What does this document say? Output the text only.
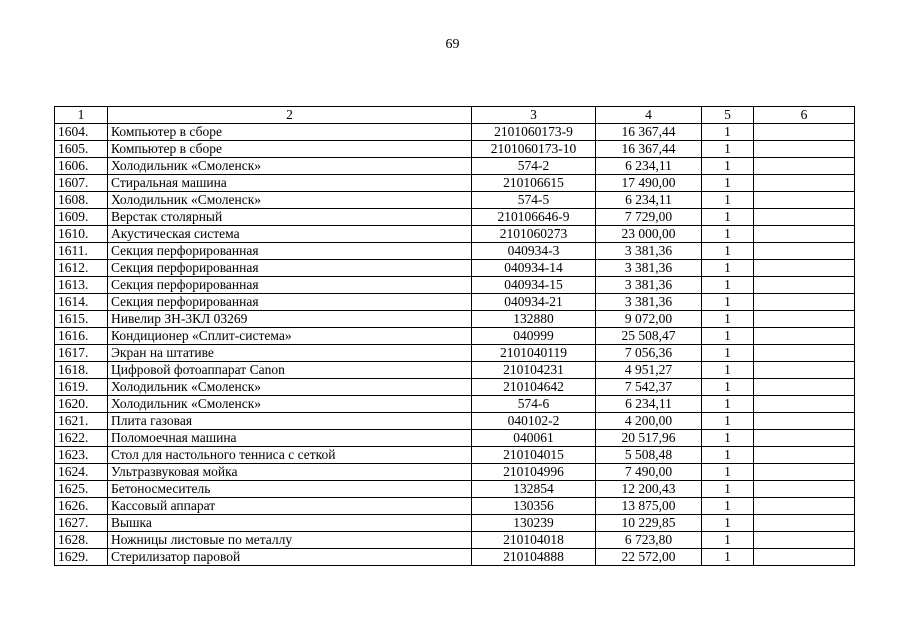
69
1	2	3	4	5	6
1604.	Компьютер в сборе	2101060173-9	16 367,44	1	
1605.	Компьютер в сборе	2101060173-10	16 367,44	1	
1606.	Холодильник «Смоленск»	574-2	6 234,11	1	
1607.	Стиральная машина	210106615	17 490,00	1	
1608.	Холодильник «Смоленск»	574-5	6 234,11	1	
1609.	Верстак столярный	210106646-9	7 729,00	1	
1610.	Акустическая система	2101060273	23 000,00	1	
1611.	Секция перфорированная	040934-3	3 381,36	1	
1612.	Секция перфорированная	040934-14	3 381,36	1	
1613.	Секция перфорированная	040934-15	3 381,36	1	
1614.	Секция перфорированная	040934-21	3 381,36	1	
1615.	Нивелир ЗН-3КЛ 03269	132880	9 072,00	1	
1616.	Кондиционер «Сплит-система»	040999	25 508,47	1	
1617.	Экран на штативе	2101040119	7 056,36	1	
1618.	Цифровой фотоаппарат Canon	210104231	4 951,27	1	
1619.	Холодильник «Смоленск»	210104642	7 542,37	1	
1620.	Холодильник «Смоленск»	574-6	6 234,11	1	
1621.	Плита газовая	040102-2	4 200,00	1	
1622.	Поломоечная машина	040061	20 517,96	1	
1623.	Стол для настольного тенниса с сеткой	210104015	5 508,48	1	
1624.	Ультразвуковая мойка	210104996	7 490,00	1	
1625.	Бетоносмеситель	132854	12 200,43	1	
1626.	Кассовый аппарат	130356	13 875,00	1	
1627.	Вышка	130239	10 229,85	1	
1628.	Ножницы листовые по металлу	210104018	6 723,80	1	
1629.	Стерилизатор паровой	210104888	22 572,00	1	
